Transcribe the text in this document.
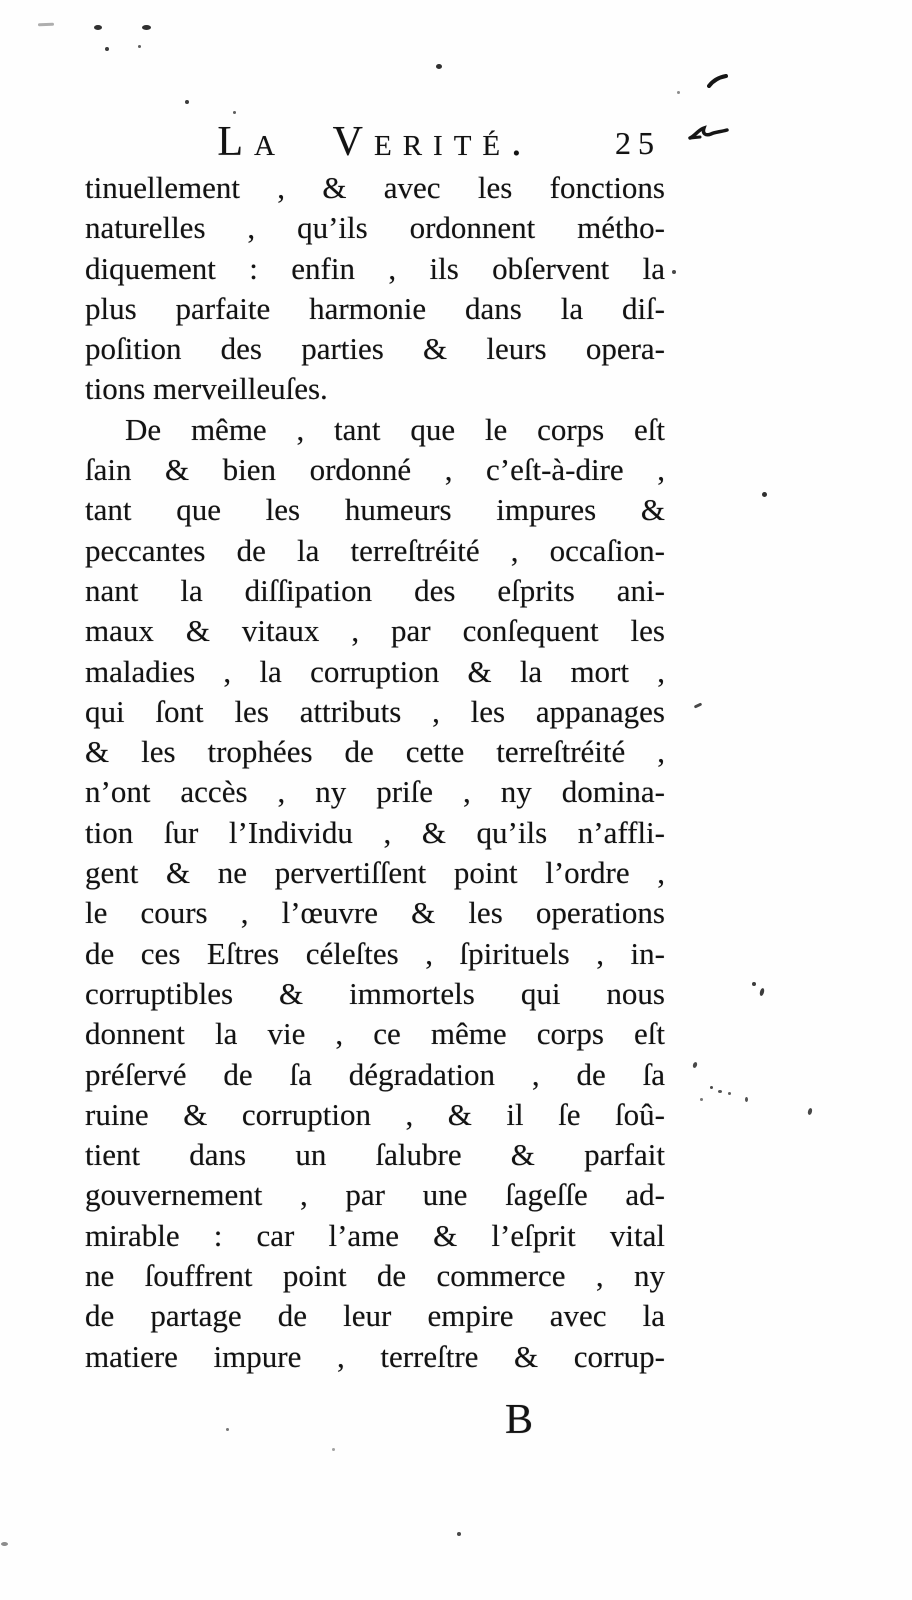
La Verité.	25
tinuellement , & avec les fonctions
naturelles , qu’ils ordonnent métho-
diquement : enfin , ils obſervent la
plus parfaite harmonie dans la diſ-
poſition des parties & leurs opera-
tions merveilleuſes.
De même , tant que le corps eſt
ſain & bien ordonné , c’eſt-à-dire ,
tant que les humeurs impures &
peccantes de la terreſtréité , occaſion-
nant la diſſipation des eſprits ani-
maux & vitaux , par conſequent les
maladies , la corruption & la mort ,
qui ſont les attributs , les appanages
& les trophées de cette terreſtréité ,
n’ont accès , ny priſe , ny domina-
tion ſur l’Individu , & qu’ils n’affli-
gent & ne pervertiſſent point l’ordre ,
le cours , l’œuvre & les operations
de ces Eſtres céleſtes , ſpirituels , in-
corruptibles & immortels qui nous
donnent la vie , ce même corps eſt
préſervé de ſa dégradation , de ſa
ruine & corruption , & il ſe ſoû-
tient dans un ſalubre & parfait
gouvernement , par une ſageſſe ad-
mirable : car l’ame & l’eſprit vital
ne ſouffrent point de commerce , ny
de partage de leur empire avec la
matiere impure , terreſtre & corrup-
B
